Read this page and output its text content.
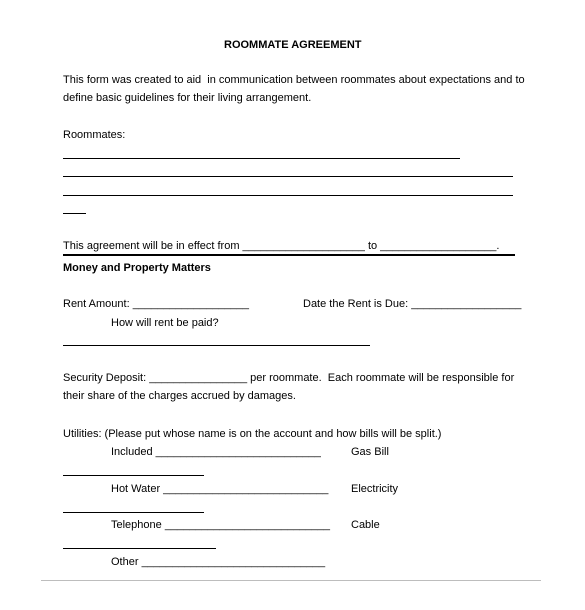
ROOMMATE AGREEMENT
This form was created to aid  in communication between roommates about expectations and to
define basic guidelines for their living arrangement.
Roommates:
This agreement will be in effect from ____________________ to ___________________.
Money and Property Matters
Rent Amount: ___________________	Date the Rent is Due: __________________
How will rent be paid?
Security Deposit: ________________ per roommate.  Each roommate will be responsible for
their share of the charges accrued by damages.
Utilities: (Please put whose name is on the account and how bills will be split.)
Included ___________________________	Gas Bill
Hot Water ___________________________ Electricity
Telephone ___________________________ Cable
Other ______________________________
